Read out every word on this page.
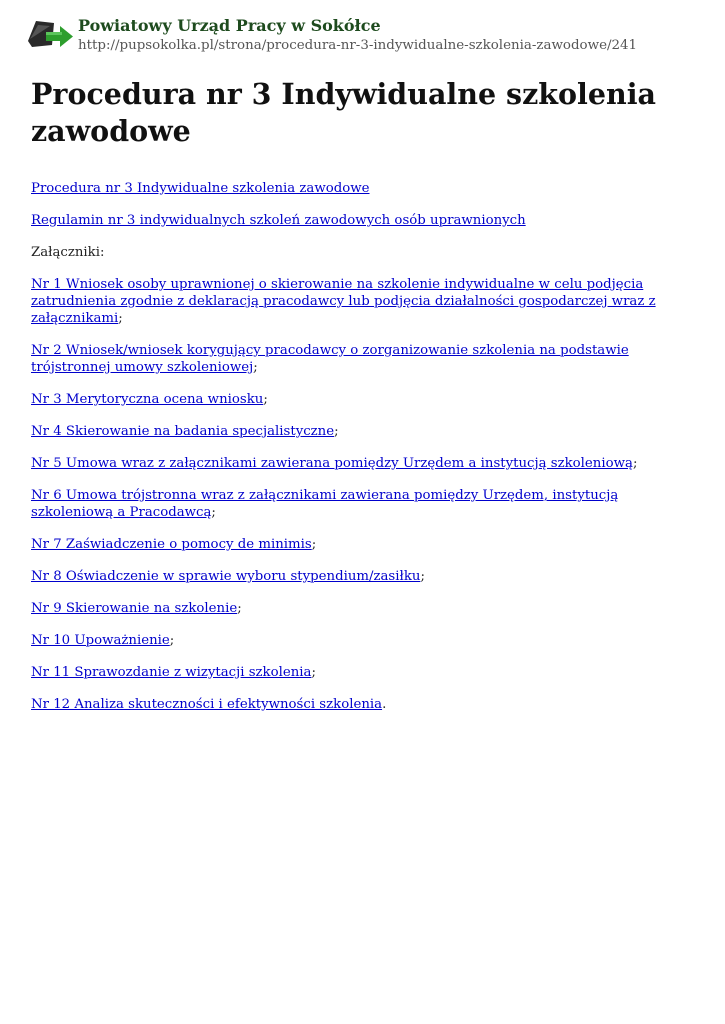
Powiatowy Urząd Pracy w Sokółce
http://pupsokolka.pl/strona/procedura-nr-3-indywidualne-szkolenia-zawodowe/241
Procedura nr 3 Indywidualne szkolenia zawodowe

Procedura nr 3 Indywidualne szkolenia zawodowe

Regulamin nr 3 indywidualnych szkoleń zawodowych osób uprawnionych

Załączniki:

Nr 1 Wniosek osoby uprawnionej o skierowanie na szkolenie indywidualne w celu podjęcia zatrudnienia zgodnie z deklaracją pracodawcy lub podjęcia działalności gospodarczej wraz z załącznikami;

Nr 2 Wniosek/wniosek korygujący pracodawcy o zorganizowanie szkolenia na podstawie trójstronnej umowy szkoleniowej;

Nr 3 Merytoryczna ocena wniosku;

Nr 4 Skierowanie na badania specjalistyczne;

Nr 5 Umowa wraz z załącznikami zawierana pomiędzy Urzędem a instytucją szkoleniową;

Nr 6 Umowa trójstronna wraz z załącznikami zawierana pomiędzy Urzędem, instytucją szkoleniową a Pracodawcą;

Nr 7 Zaświadczenie o pomocy de minimis;

Nr 8 Oświadczenie w sprawie wyboru stypendium/zasiłku;

Nr 9 Skierowanie na szkolenie;

Nr 10 Upoważnienie;

Nr 11 Sprawozdanie z wizytacji szkolenia;

Nr 12 Analiza skuteczności i efektywności szkolenia.
